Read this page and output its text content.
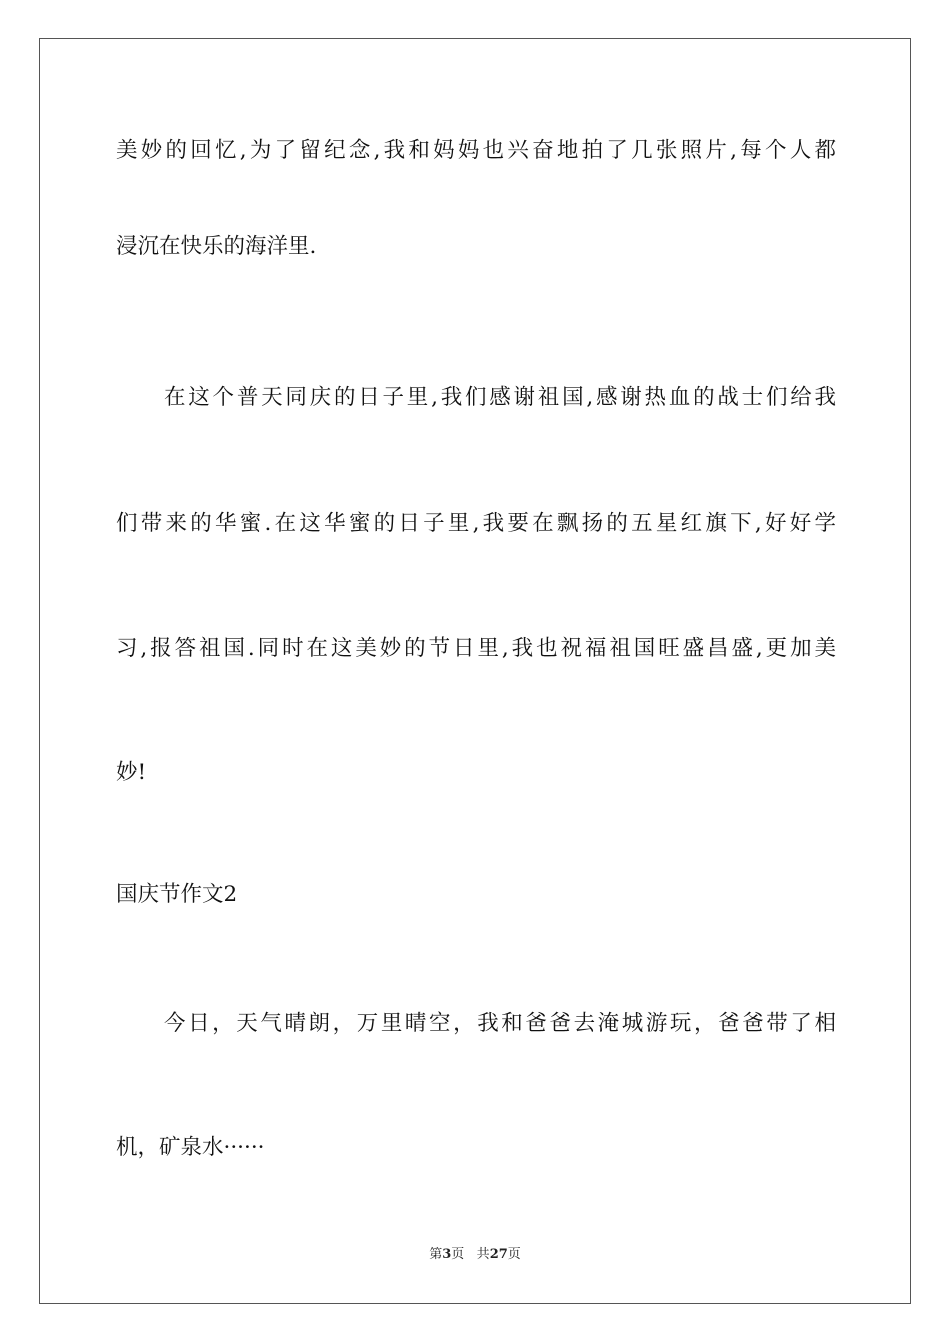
美妙的回忆,为了留纪念,我和妈妈也兴奋地拍了几张照片,每个人都
浸沉在快乐的海洋里.
在这个普天同庆的日子里,我们感谢祖国,感谢热血的战士们给我
们带来的华蜜.在这华蜜的日子里,我要在飘扬的五星红旗下,好好学
习,报答祖国.同时在这美妙的节日里,我也祝福祖国旺盛昌盛,更加美
妙!
国庆节作文2
今日，天气晴朗，万里晴空，我和爸爸去淹城游玩，爸爸带了相
机，矿泉水······
第3页 共27页
